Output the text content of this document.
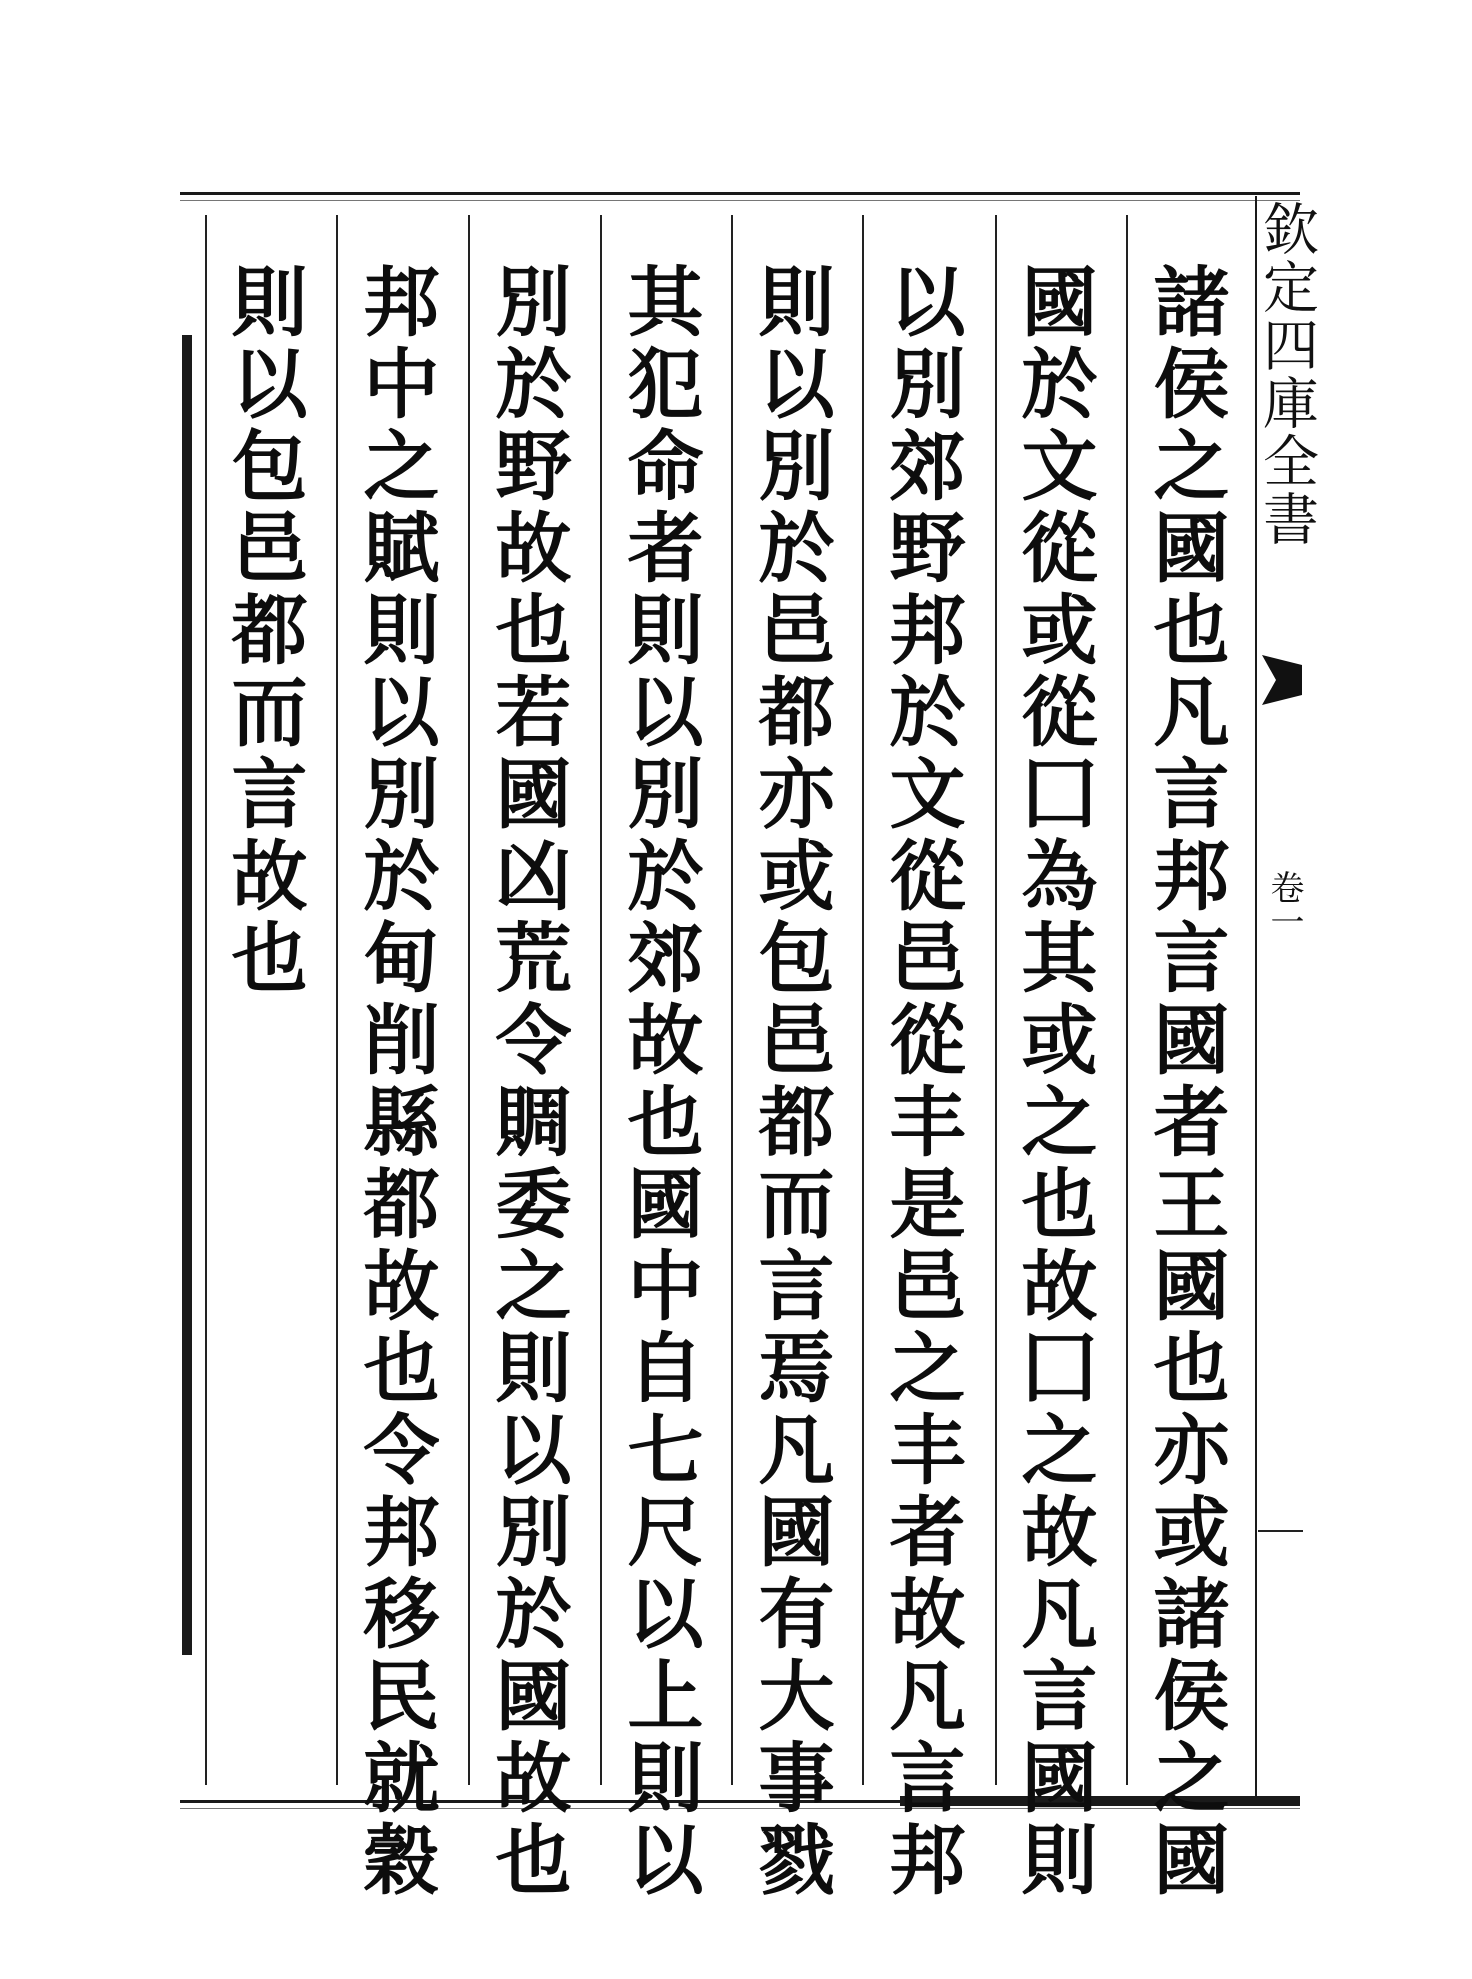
欽定四庫全書
卷一
諸侯之國也凡言邦言國者王國也亦或諸侯之國
國於文從或從囗為其或之也故囗之故凡言國則
以別郊野邦於文從邑從丰是邑之丰者故凡言邦
則以別於邑都亦或包邑都而言焉凡國有大事戮
其犯命者則以別於郊故也國中自七尺以上則以
別於野故也若國凶荒令賙委之則以別於國故也
邦中之賦則以別於甸削縣都故也令邦移民就穀
則以包邑都而言故也
